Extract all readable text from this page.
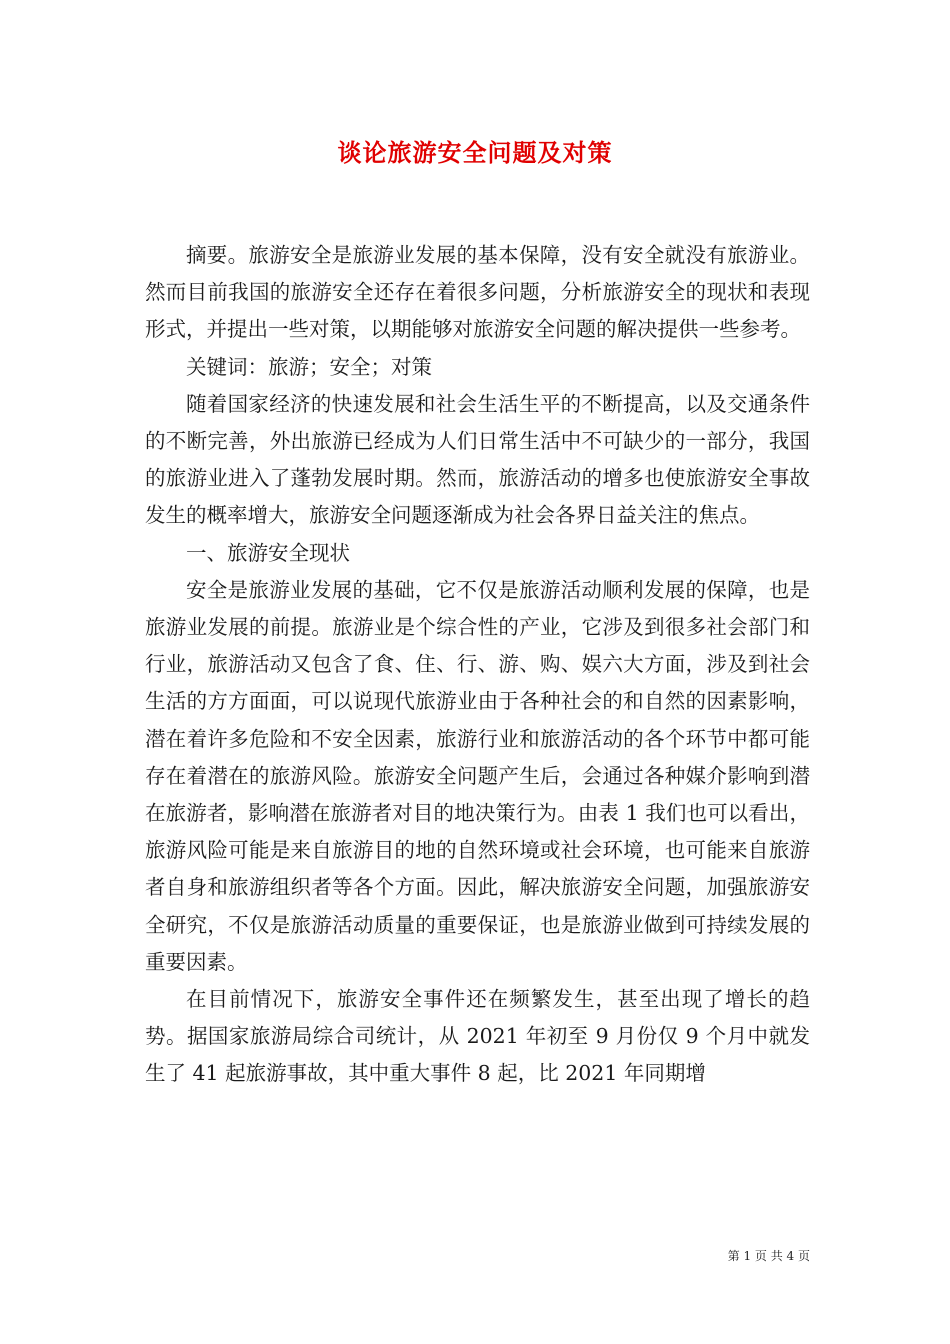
谈论旅游安全问题及对策

摘要。旅游安全是旅游业发展的基本保障，没有安全就没有旅游业。然而目前我国的旅游安全还存在着很多问题，分析旅游安全的现状和表现形式，并提出一些对策，以期能够对旅游安全问题的解决提供一些参考。

关键词：旅游；安全；对策

随着国家经济的快速发展和社会生活生平的不断提高，以及交通条件的不断完善，外出旅游已经成为人们日常生活中不可缺少的一部分，我国的旅游业进入了蓬勃发展时期。然而，旅游活动的增多也使旅游安全事故发生的概率增大，旅游安全问题逐渐成为社会各界日益关注的焦点。

一、旅游安全现状

安全是旅游业发展的基础，它不仅是旅游活动顺利发展的保障，也是旅游业发展的前提。旅游业是个综合性的产业，它涉及到很多社会部门和行业，旅游活动又包含了食、住、行、游、购、娱六大方面，涉及到社会生活的方方面面，可以说现代旅游业由于各种社会的和自然的因素影响，潜在着许多危险和不安全因素，旅游行业和旅游活动的各个环节中都可能存在着潜在的旅游风险。旅游安全问题产生后，会通过各种媒介影响到潜在旅游者，影响潜在旅游者对目的地决策行为。由表 1 我们也可以看出，旅游风险可能是来自旅游目的地的自然环境或社会环境，也可能来自旅游者自身和旅游组织者等各个方面。因此，解决旅游安全问题，加强旅游安全研究，不仅是旅游活动质量的重要保证，也是旅游业做到可持续发展的重要因素。

在目前情况下，旅游安全事件还在频繁发生，甚至出现了增长的趋势。据国家旅游局综合司统计，从 2021 年初至 9 月份仅 9 个月中就发生了 41 起旅游事故，其中重大事件 8 起，比 2021 年同期增

第 1 页 共 4 页
